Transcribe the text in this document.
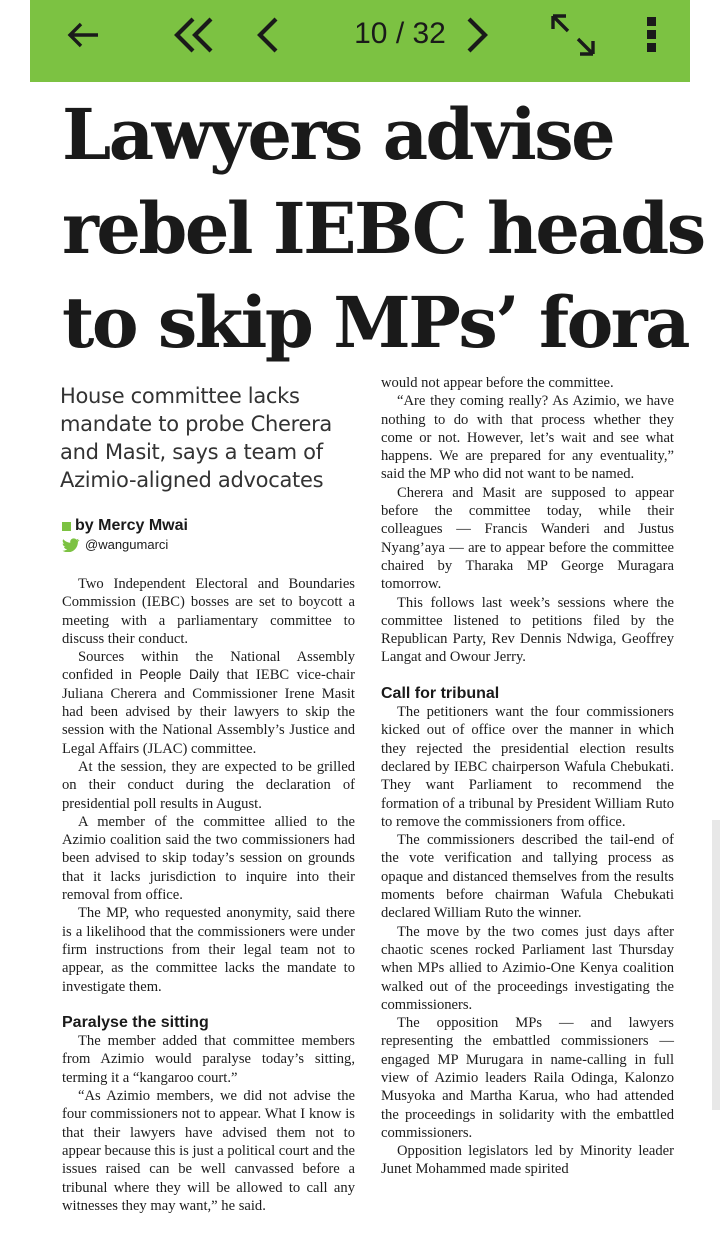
10 / 32
Lawyers advise
rebel IEBC heads
to skip MPs’ fora

House committee lacks
mandate to probe Cherera
and Masit, says a team of
Azimio-aligned advocates

by Mercy Mwai
@wangumarci

Two Independent Electoral and Boundaries Commission (IEBC) bosses are set to boycott a meeting with a parliamentary committee to discuss their conduct.

Sources within the National Assembly confided in People Daily that IEBC vice-chair Juliana Cherera and Commissioner Irene Masit had been advised by their lawyers to skip the session with the National Assembly’s Justice and Legal Affairs (JLAC) committee.

At the session, they are expected to be grilled on their conduct during the declaration of presidential poll results in August.

A member of the committee allied to the Azimio coalition said the two commissioners had been advised to skip today’s session on grounds that it lacks jurisdiction to inquire into their removal from office.

The MP, who requested anonymity, said there is a likelihood that the commissioners were under firm instructions from their legal team not to appear, as the committee lacks the mandate to investigate them.

Paralyse the sitting

The member added that committee members from Azimio would paralyse today’s sitting, terming it a “kangaroo court.”

“As Azimio members, we did not advise the four commissioners not to appear. What I know is that their lawyers have advised them not to appear because this is just a political court and the issues raised can be well canvassed before a tribunal where they will be allowed to call any witnesses they may want,” he said.

would not appear before the committee.

“Are they coming really? As Azimio, we have nothing to do with that process whether they come or not. However, let’s wait and see what happens. We are prepared for any eventuality,” said the MP who did not want to be named.

Cherera and Masit are supposed to appear before the committee today, while their colleagues — Francis Wanderi and Justus Nyang’aya — are to appear before the committee chaired by Tharaka MP George Muragara tomorrow.

This follows last week’s sessions where the committee listened to petitions filed by the Republican Party, Rev Dennis Ndwiga, Geoffrey Langat and Owour Jerry.

Call for tribunal

The petitioners want the four commissioners kicked out of office over the manner in which they rejected the presidential election results declared by IEBC chairperson Wafula Chebukati. They want Parliament to recommend the formation of a tribunal by President William Ruto to remove the commissioners from office.

The commissioners described the tail-end of the vote verification and tallying process as opaque and distanced themselves from the results moments before chairman Wafula Chebukati declared William Ruto the winner.

The move by the two comes just days after chaotic scenes rocked Parliament last Thursday when MPs allied to Azimio-One Kenya coalition walked out of the proceedings investigating the commissioners.

The opposition MPs — and lawyers representing the embattled commissioners — engaged MP Murugara in name-calling in full view of Azimio leaders Raila Odinga, Kalonzo Musyoka and Martha Karua, who had attended the proceedings in solidarity with the embattled commissioners.

Opposition legislators led by Minority leader Junet Mohammed made spirited
